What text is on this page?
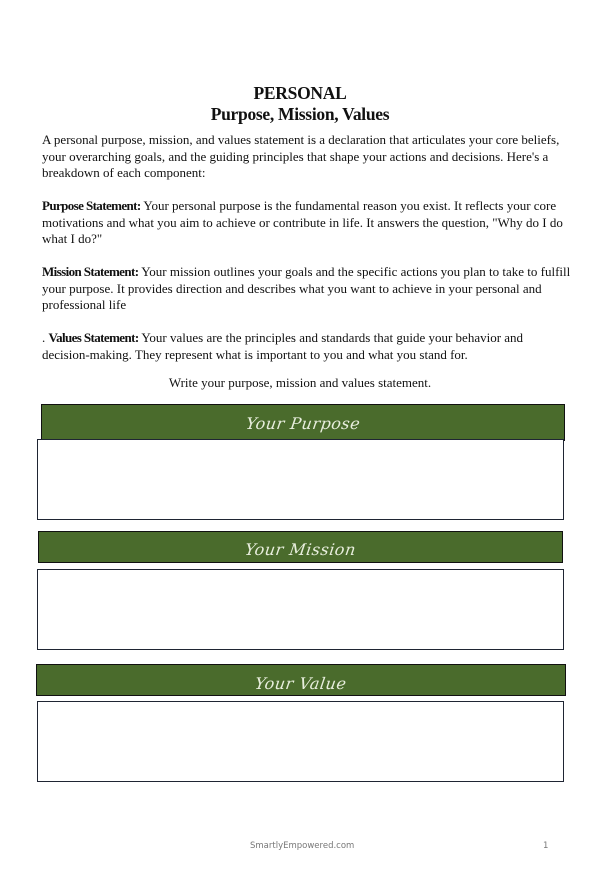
PERSONAL
Purpose, Mission, Values

A personal purpose, mission, and values statement is a declaration that articulates your core beliefs, your overarching goals, and the guiding principles that shape your actions and decisions. Here's a breakdown of each component:

Purpose Statement: Your personal purpose is the fundamental reason you exist. It reflects your core motivations and what you aim to achieve or contribute in life. It answers the question, "Why do I do what I do?"

Mission Statement: Your mission outlines your goals and the specific actions you plan to take to fulfill your purpose. It provides direction and describes what you want to achieve in your personal and professional life

. Values Statement: Your values are the principles and standards that guide your behavior and decision-making. They represent what is important to you and what you stand for.

Write your purpose, mission and values statement.
Your Purpose
Your Mission
Your Value
SmartlyEmpowered.com	1
